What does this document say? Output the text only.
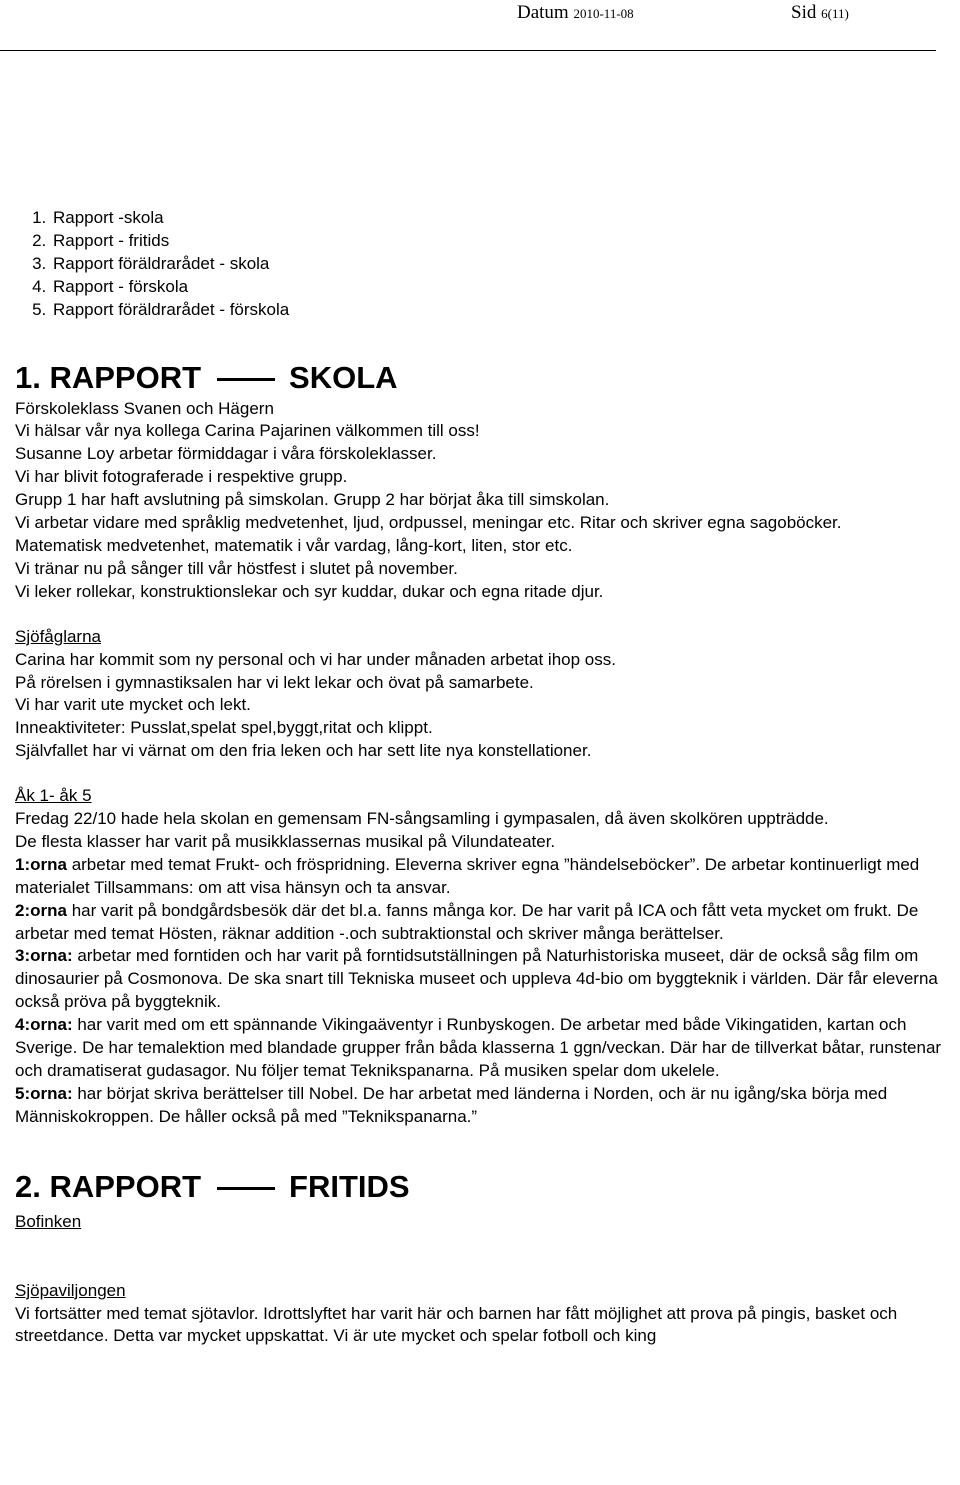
Datum 2010-11-08	Sid 6(11)
1. Rapport -skola
2. Rapport - fritids
3. Rapport föräldrarådet - skola
4. Rapport - förskola
5. Rapport föräldrarådet - förskola
1. RAPPORT	SKOLA
Förskoleklass Svanen och Hägern
Vi hälsar vår nya kollega Carina Pajarinen välkommen till oss!
Susanne Loy arbetar förmiddagar i våra förskoleklasser.
Vi har blivit fotograferade i respektive grupp.
Grupp 1 har haft avslutning på simskolan. Grupp 2 har börjat åka till simskolan.
Vi arbetar vidare med språklig medvetenhet, ljud, ordpussel, meningar etc. Ritar och skriver egna sagoböcker.
Matematisk medvetenhet, matematik i vår vardag, lång-kort, liten, stor etc.
Vi tränar nu på sånger till vår höstfest i slutet på november.
Vi leker rollekar, konstruktionslekar och syr kuddar, dukar och egna ritade djur.
Sjöfåglarna
Carina har kommit som ny personal och vi har under månaden arbetat ihop oss.
På rörelsen i gymnastiksalen har vi lekt lekar och övat på samarbete.
Vi har varit ute mycket och lekt.
Inneaktiviteter: Pusslat,spelat spel,byggt,ritat och klippt.
Självfallet har vi värnat om den fria leken och har sett lite nya konstellationer.
Åk 1- åk 5
Fredag 22/10 hade hela skolan en gemensam FN-sångsamling i gympasalen, då även skolkören uppträdde.
De flesta klasser har varit på musikklassernas musikal på Vilundateater.
1:orna arbetar med temat Frukt- och fröspridning. Eleverna skriver egna ”händelseböcker”. De arbetar kontinuerligt med materialet Tillsammans: om att visa hänsyn och ta ansvar.
2:orna har varit på bondgårdsbesök där det bl.a. fanns många kor. De har varit på ICA och fått veta mycket om frukt. De arbetar med temat Hösten, räknar addition -.och subtraktionstal och skriver många berättelser.
3:orna: arbetar med forntiden och har varit på forntidsutställningen på Naturhistoriska museet, där de också såg film om dinosaurier på Cosmonova. De ska snart till Tekniska museet och uppleva 4d-bio om byggteknik i världen. Där får eleverna också pröva på byggteknik.
4:orna: har varit med om ett spännande Vikingaäventyr i Runbyskogen. De arbetar med både Vikingatiden, kartan och Sverige. De har temalektion med blandade grupper från båda klasserna 1 ggn/veckan. Där har de tillverkat båtar, runstenar och dramatiserat gudasagor. Nu följer temat Teknikspanarna. På musiken spelar dom ukelele.
5:orna: har börjat skriva berättelser till Nobel. De har arbetat med länderna i Norden, och är nu igång/ska börja med Människokroppen. De håller också på med ”Teknikspanarna.”
2. RAPPORT	FRITIDS
Bofinken
Sjöpaviljongen
Vi fortsätter med temat sjötavlor. Idrottslyftet har varit här och barnen har fått möjlighet att prova på pingis, basket och streetdance. Detta var mycket uppskattat. Vi är ute mycket och spelar fotboll och king
